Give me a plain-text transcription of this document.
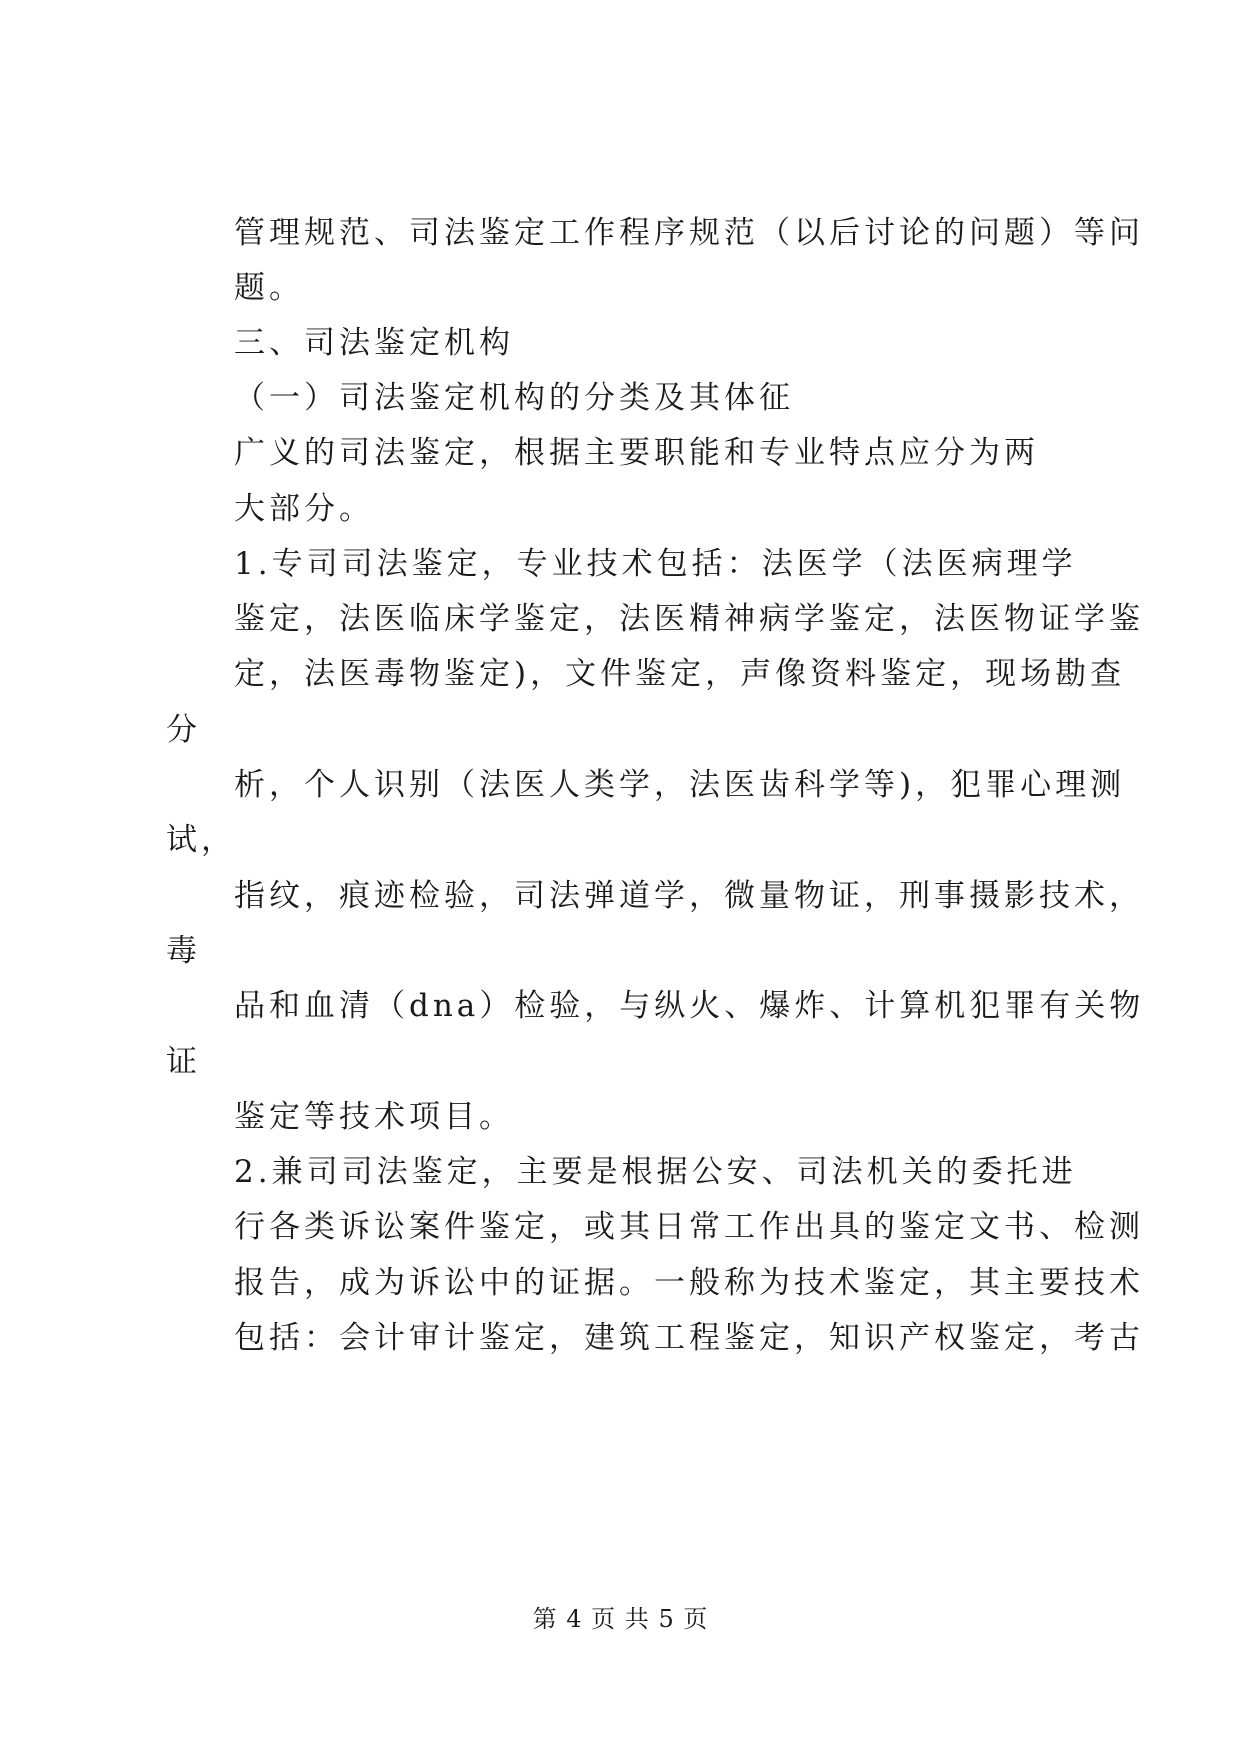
管理规范、司法鉴定工作程序规范（以后讨论的问题）等问
题。
三、司法鉴定机构
（一）司法鉴定机构的分类及其体征
广义的司法鉴定，根据主要职能和专业特点应分为两
大部分。
1.专司司法鉴定，专业技术包括：法医学（法医病理学
鉴定，法医临床学鉴定，法医精神病学鉴定，法医物证学鉴
定，法医毒物鉴定)，文件鉴定，声像资料鉴定，现场勘查
分
析，个人识别（法医人类学，法医齿科学等)，犯罪心理测
试，
指纹，痕迹检验，司法弹道学，微量物证，刑事摄影技术，
毒
品和血清（dna）检验，与纵火、爆炸、计算机犯罪有关物
证
鉴定等技术项目。
2.兼司司法鉴定，主要是根据公安、司法机关的委托进
行各类诉讼案件鉴定，或其日常工作出具的鉴定文书、检测
报告，成为诉讼中的证据。一般称为技术鉴定，其主要技术
包括：会计审计鉴定，建筑工程鉴定，知识产权鉴定，考古
第 4 页 共 5 页
